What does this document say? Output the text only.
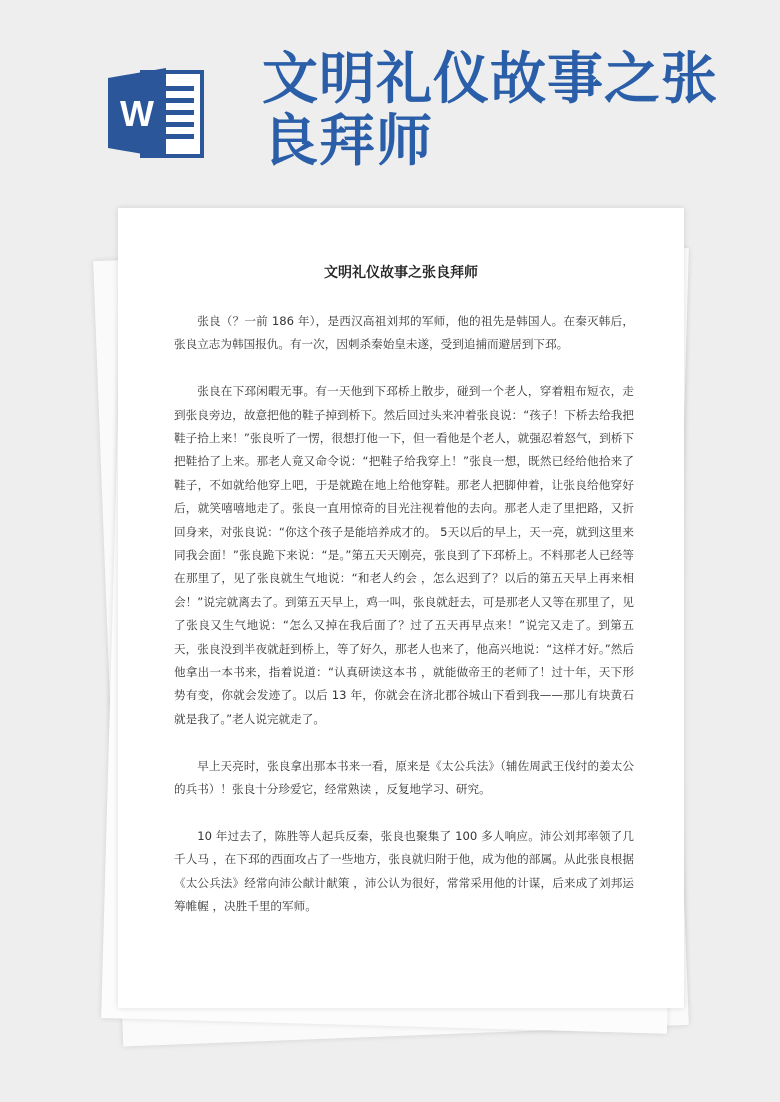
W
文明礼仪故事之张良拜师
文明礼仪故事之张良拜师

张良（？一前 186 年），是西汉高祖刘邦的军师，他的祖先是韩国人。在秦灭韩后，张良立志为韩国报仇。有一次，因刺杀秦始皇未遂，受到追捕而避居到下邳。

张良在下邳闲暇无事。有一天他到下邳桥上散步，碰到一个老人，穿着粗布短衣，走到张良旁边，故意把他的鞋子掉到桥下。然后回过头来冲着张良说：“孩子！下桥去给我把鞋子拾上来！”张良听了一愣，很想打他一下，但一看他是个老人，就强忍着怒气，到桥下把鞋拾了上来。那老人竟又命令说：“把鞋子给我穿上！”张良一想，既然已经给他拾来了鞋子，不如就给他穿上吧，于是就跪在地上给他穿鞋。那老人把脚伸着，让张良给他穿好后，就笑嘻嘻地走了。张良一直用惊奇的目光注视着他的去向。那老人走了里把路，又折回身来，对张良说：“你这个孩子是能培养成才的。 5天以后的早上，天一亮，就到这里来同我会面！”张良跪下来说：“是。”第五天天刚亮，张良到了下邳桥上。不料那老人已经等在那里了，见了张良就生气地说：“和老人约会 ，怎么迟到了？以后的第五天早上再来相会！”说完就离去了。到第五天早上，鸡一叫，张良就赶去，可是那老人又等在那里了，见了张良又生气地说：“怎么又掉在我后面了？过了五天再早点来！”说完又走了。到第五天，张良没到半夜就赶到桥上，等了好久，那老人也来了，他高兴地说：“这样才好。”然后他拿出一本书来，指着说道：“认真研读这本书 ，就能做帝王的老师了！过十年，天下形势有变，你就会发迹了。以后 13 年，你就会在济北郡谷城山下看到我——那儿有块黄石就是我了。”老人说完就走了。

早上天亮时，张良拿出那本书来一看，原来是《太公兵法》（辅佐周武王伐纣的姜太公的兵书）！张良十分珍爱它，经常熟读 ，反复地学习、研究。

10 年过去了，陈胜等人起兵反秦，张良也聚集了 100 多人响应。沛公刘邦率领了几千人马 ，在下邳的西面攻占了一些地方，张良就归附于他，成为他的部属。从此张良根据《太公兵法》经常向沛公献计献策 ，沛公认为很好，常常采用他的计谋，后来成了刘邦运筹帷幄 ，决胜千里的军师。
